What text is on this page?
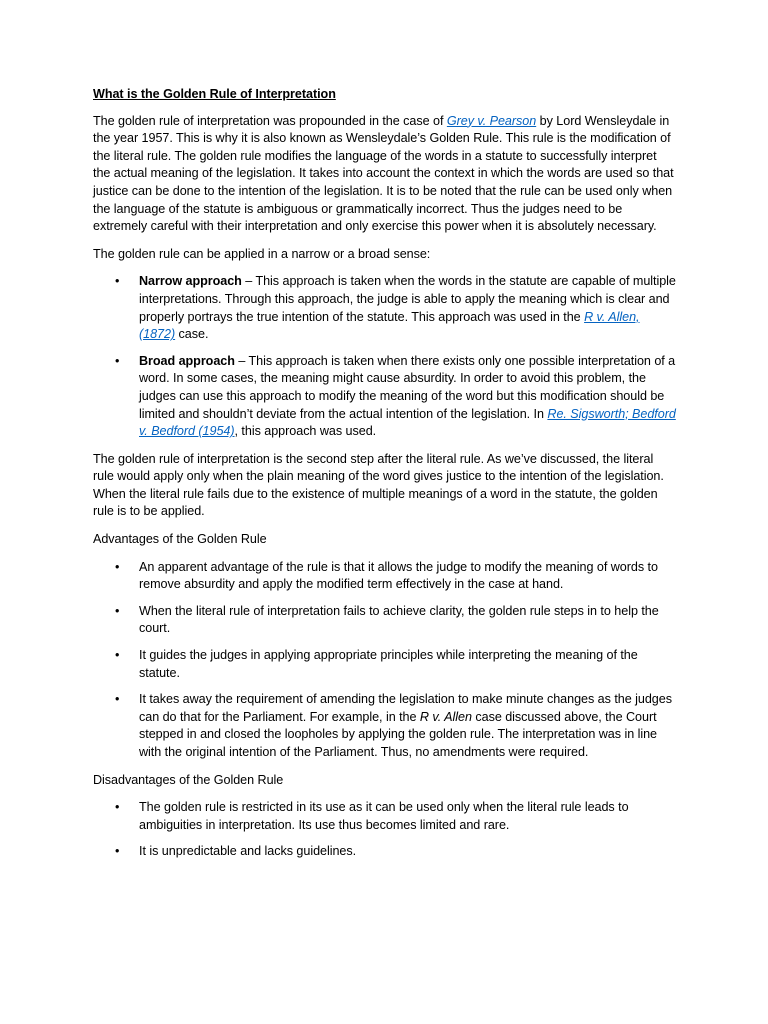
What is the Golden Rule of Interpretation

The golden rule of interpretation was propounded in the case of Grey v. Pearson by Lord Wensleydale in the year 1957. This is why it is also known as Wensleydale’s Golden Rule. This rule is the modification of the literal rule. The golden rule modifies the language of the words in a statute to successfully interpret the actual meaning of the legislation. It takes into account the context in which the words are used so that justice can be done to the intention of the legislation. It is to be noted that the rule can be used only when the language of the statute is ambiguous or grammatically incorrect. Thus the judges need to be extremely careful with their interpretation and only exercise this power when it is absolutely necessary.

The golden rule can be applied in a narrow or a broad sense:

• Narrow approach – This approach is taken when the words in the statute are capable of multiple interpretations. Through this approach, the judge is able to apply the meaning which is clear and properly portrays the true intention of the statute. This approach was used in the R v. Allen, (1872) case.
• Broad approach – This approach is taken when there exists only one possible interpretation of a word. In some cases, the meaning might cause absurdity. In order to avoid this problem, the judges can use this approach to modify the meaning of the word but this modification should be limited and shouldn’t deviate from the actual intention of the legislation. In Re. Sigsworth; Bedford v. Bedford (1954), this approach was used.

The golden rule of interpretation is the second step after the literal rule. As we’ve discussed, the literal rule would apply only when the plain meaning of the word gives justice to the intention of the legislation. When the literal rule fails due to the existence of multiple meanings of a word in the statute, the golden rule is to be applied.

Advantages of the Golden Rule

• An apparent advantage of the rule is that it allows the judge to modify the meaning of words to remove absurdity and apply the modified term effectively in the case at hand.
• When the literal rule of interpretation fails to achieve clarity, the golden rule steps in to help the court.
• It guides the judges in applying appropriate principles while interpreting the meaning of the statute.
• It takes away the requirement of amending the legislation to make minute changes as the judges can do that for the Parliament. For example, in the R v. Allen case discussed above, the Court stepped in and closed the loopholes by applying the golden rule. The interpretation was in line with the original intention of the Parliament. Thus, no amendments were required.

Disadvantages of the Golden Rule

• The golden rule is restricted in its use as it can be used only when the literal rule leads to ambiguities in interpretation. Its use thus becomes limited and rare.
• It is unpredictable and lacks guidelines.
